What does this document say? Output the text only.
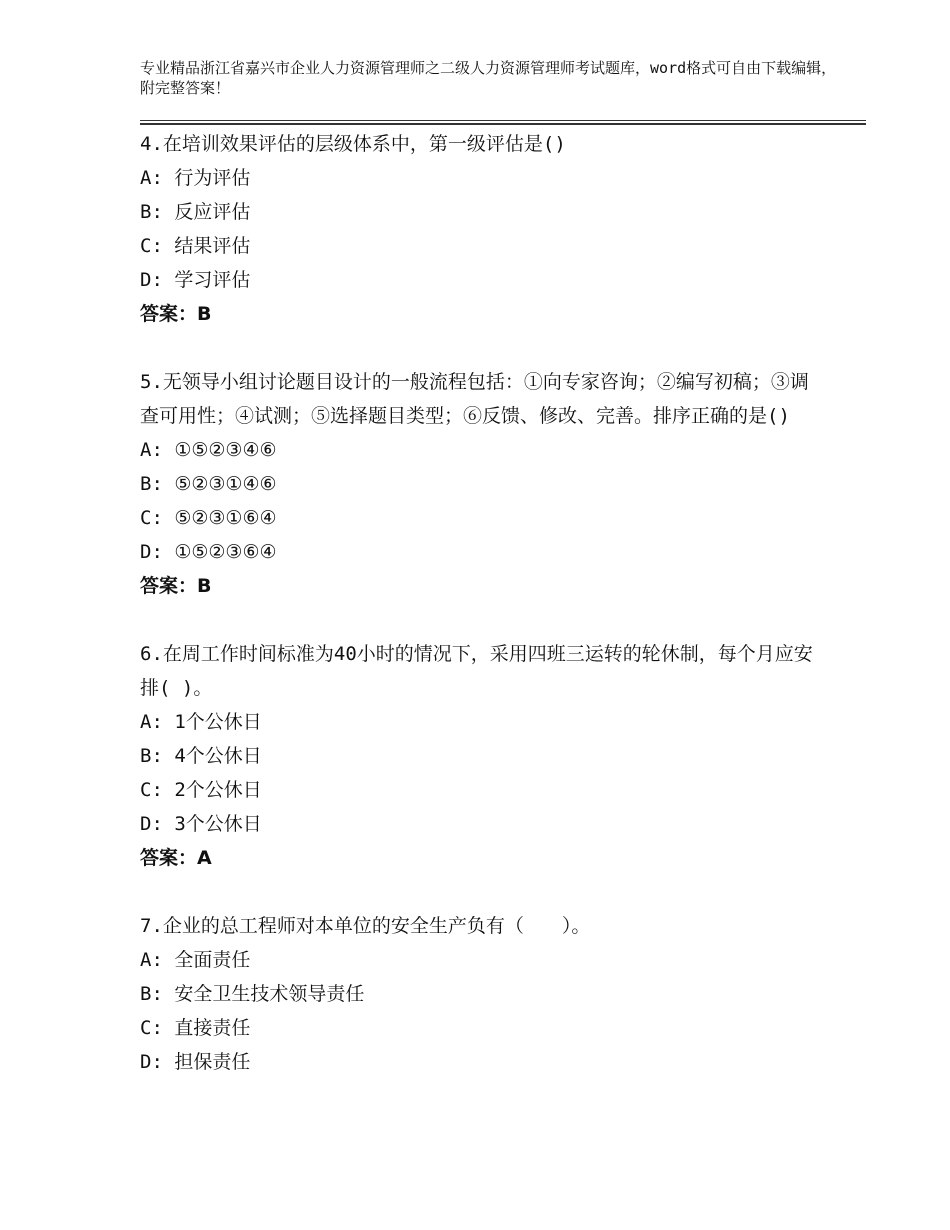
专业精品浙江省嘉兴市企业人力资源管理师之二级人力资源管理师考试题库，word格式可自由下载编辑，附完整答案！

4.在培训效果评估的层级体系中，第一级评估是()

A: 行为评估

B: 反应评估

C: 结果评估

D: 学习评估

答案：B

5.无领导小组讨论题目设计的一般流程包括：①向专家咨询；②编写初稿；③调查可用性；④试测；⑤选择题目类型；⑥反馈、修改、完善。排序正确的是()

A: ①⑤②③④⑥

B: ⑤②③①④⑥

C: ⑤②③①⑥④

D: ①⑤②③⑥④

答案：B

6.在周工作时间标准为40小时的情况下，采用四班三运转的轮休制，每个月应安排( )。

A: 1个公休日

B: 4个公休日

C: 2个公休日

D: 3个公休日

答案：A

7.企业的总工程师对本单位的安全生产负有（　　）。

A: 全面责任

B: 安全卫生技术领导责任

C: 直接责任

D: 担保责任
